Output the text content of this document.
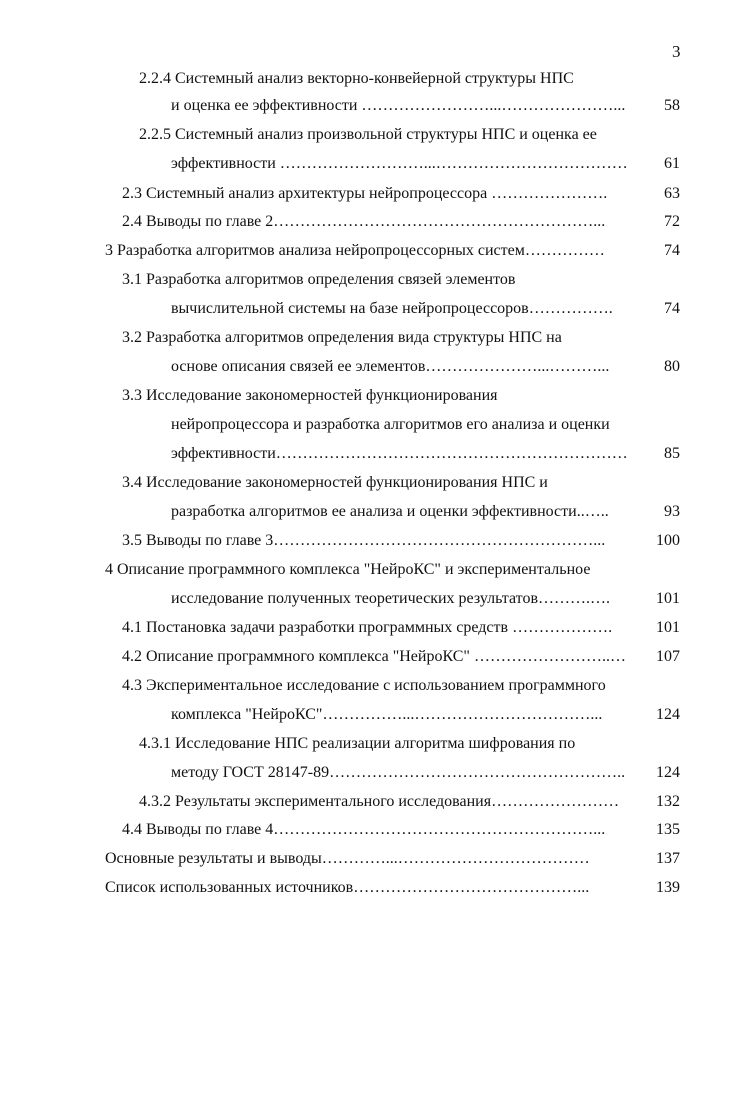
3
2.2.4 Системный анализ векторно-конвейерной структуры НПС
и оценка ее эффективности ……………………...…………………...	58
2.2.5 Системный анализ произвольной структуры НПС и оценка ее
эффективности ………………………...………………………………	61
2.3 Системный анализ архитектуры нейропроцессора ………………….	63
2.4 Выводы по главе 2……………………………………………………...	72
3 Разработка алгоритмов анализа нейропроцессорных систем……………	74
3.1 Разработка алгоритмов определения связей элементов
вычислительной системы на базе нейропроцессоров…………….	74
3.2 Разработка алгоритмов определения вида структуры НПС на
основе описания связей ее элементов…………………...………...	80
3.3 Исследование закономерностей функционирования
нейропроцессора и разработка алгоритмов его анализа и оценки
эффективности…………………………………………………………	85
3.4 Исследование закономерностей функционирования НПС и
разработка алгоритмов ее анализа и оценки эффективности..…..	93
3.5 Выводы по главе 3……………………………………………………...	100
4 Описание программного комплекса "НейроКС" и экспериментальное
исследование полученных теоретических результатов……….….	101
4.1 Постановка задачи разработки программных средств ……………….	101
4.2 Описание программного комплекса "НейроКС" ……………………..…	107
4.3 Экспериментальное исследование с использованием программного
комплекса "НейроКС"……………...……………………………...	124
4.3.1 Исследование НПС реализации алгоритма шифрования по
методу ГОСТ 28147-89………………………………………………..	124
4.3.2 Результаты экспериментального исследования……………………	132
4.4 Выводы по главе 4……………………………………………………...	135
Основные результаты и выводы…………...………………………………	137
Список использованных источников……………………………………...	139
